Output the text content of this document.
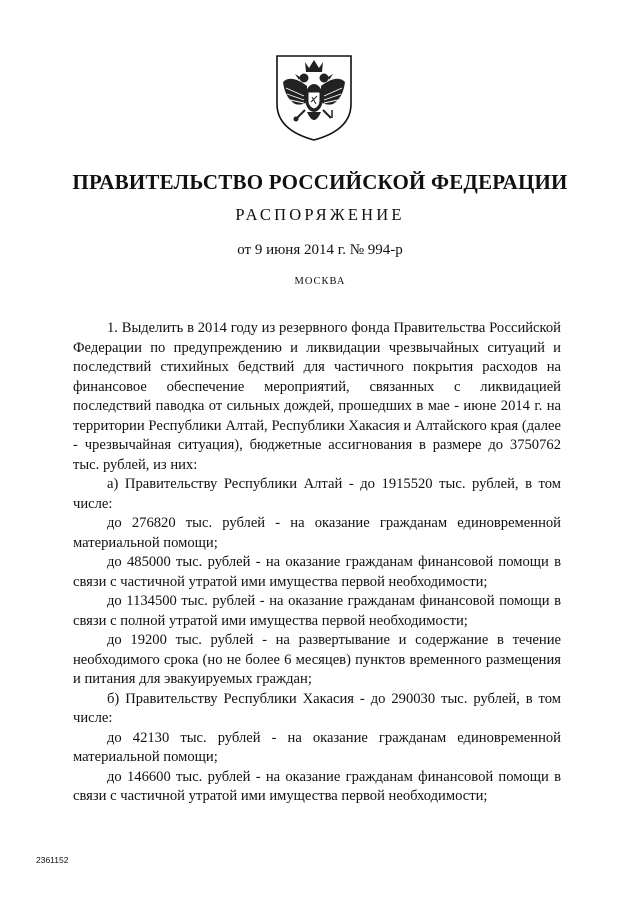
ПРАВИТЕЛЬСТВО РОССИЙСКОЙ ФЕДЕРАЦИИ
РАСПОРЯЖЕНИЕ
от 9 июня 2014 г. № 994-р
МОСКВА

1. Выделить в 2014 году из резервного фонда Правительства Российской Федерации по предупреждению и ликвидации чрезвычайных ситуаций и последствий стихийных бедствий для частичного покрытия расходов на финансовое обеспечение мероприятий, связанных с ликвидацией последствий паводка от сильных дождей, прошедших в мае - июне 2014 г. на территории Республики Алтай, Республики Хакасия и Алтайского края (далее - чрезвычайная ситуация), бюджетные ассигнования в размере до 3750762 тыс. рублей, из них:

а) Правительству Республики Алтай - до 1915520 тыс. рублей, в том числе:

до 276820 тыс. рублей - на оказание гражданам единовременной материальной помощи;

до 485000 тыс. рублей - на оказание гражданам финансовой помощи в связи с частичной утратой ими имущества первой необходимости;

до 1134500 тыс. рублей - на оказание гражданам финансовой помощи в связи с полной утратой ими имущества первой необходимости;

до 19200 тыс. рублей - на развертывание и содержание в течение необходимого срока (но не более 6 месяцев) пунктов временного размещения и питания для эвакуируемых граждан;

б) Правительству Республики Хакасия - до 290030 тыс. рублей, в том числе:

до 42130 тыс. рублей - на оказание гражданам единовременной материальной помощи;

до 146600 тыс. рублей - на оказание гражданам финансовой помощи в связи с частичной утратой ими имущества первой необходимости;

2361152
